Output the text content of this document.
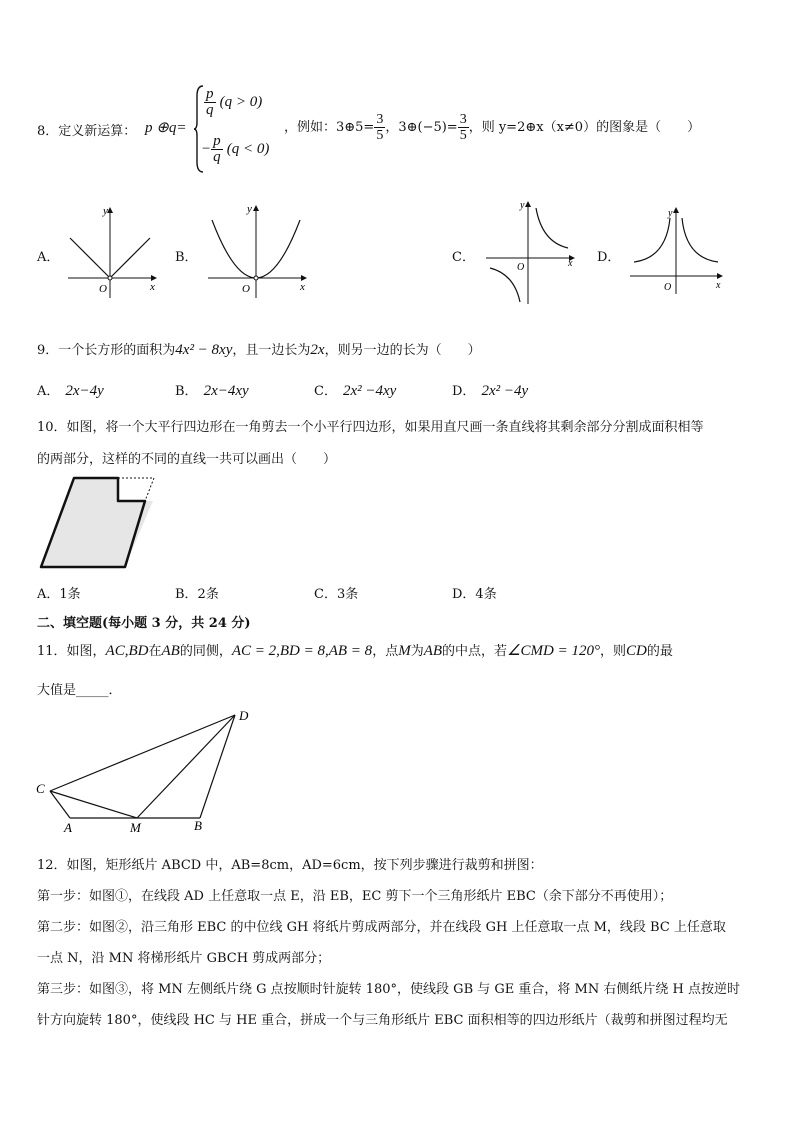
8．定义新运算： p ⊕q=
$\frac{p}{q} (q > 0)$
− $\frac{p}{q} (q < 0)$
，例如：3⊕5= $\frac{3}{5}$ ，3⊕(−5)= $\frac{3}{5}$ ，则 y=2⊕x（x≠0）的图象是（　　）
A．	B．	C．	D．
y
x
O
y
x
O
y
x
O
y
x
O
9．一个长方形的面积为4x² − 8xy，且一边长为2x，则另一边的长为（　　）
A． 2x−4y	B． 2x−4xy	C． 2x² −4xy	D． 2x² −4y
10．如图，将一个大平行四边形在一角剪去一个小平行四边形，如果用直尺画一条直线将其剩余部分分割成面积相等
的两部分，这样的不同的直线一共可以画出（　　）
A．1条	B．2条	C．3条	D．4条
二、填空题(每小题 3 分，共 24 分)
11．如图，AC,BD在AB的同侧，AC = 2,BD = 8,AB = 8，点M为AB的中点，若∠CMD = 120°，则CD的最
大值是_____．
C
D
A	M	B
12．如图，矩形纸片 ABCD 中，AB=8cm，AD=6cm，按下列步骤进行裁剪和拼图：
第一步：如图①，在线段 AD 上任意取一点 E，沿 EB，EC 剪下一个三角形纸片 EBC（余下部分不再使用）；
第二步：如图②，沿三角形 EBC 的中位线 GH 将纸片剪成两部分，并在线段 GH 上任意取一点 M，线段 BC 上任意取
一点 N，沿 MN 将梯形纸片 GBCH 剪成两部分；
第三步：如图③，将 MN 左侧纸片绕 G 点按顺时针旋转 180°，使线段 GB 与 GE 重合，将 MN 右侧纸片绕 H 点按逆时
针方向旋转 180°，使线段 HC 与 HE 重合，拼成一个与三角形纸片 EBC 面积相等的四边形纸片（裁剪和拼图过程均无
